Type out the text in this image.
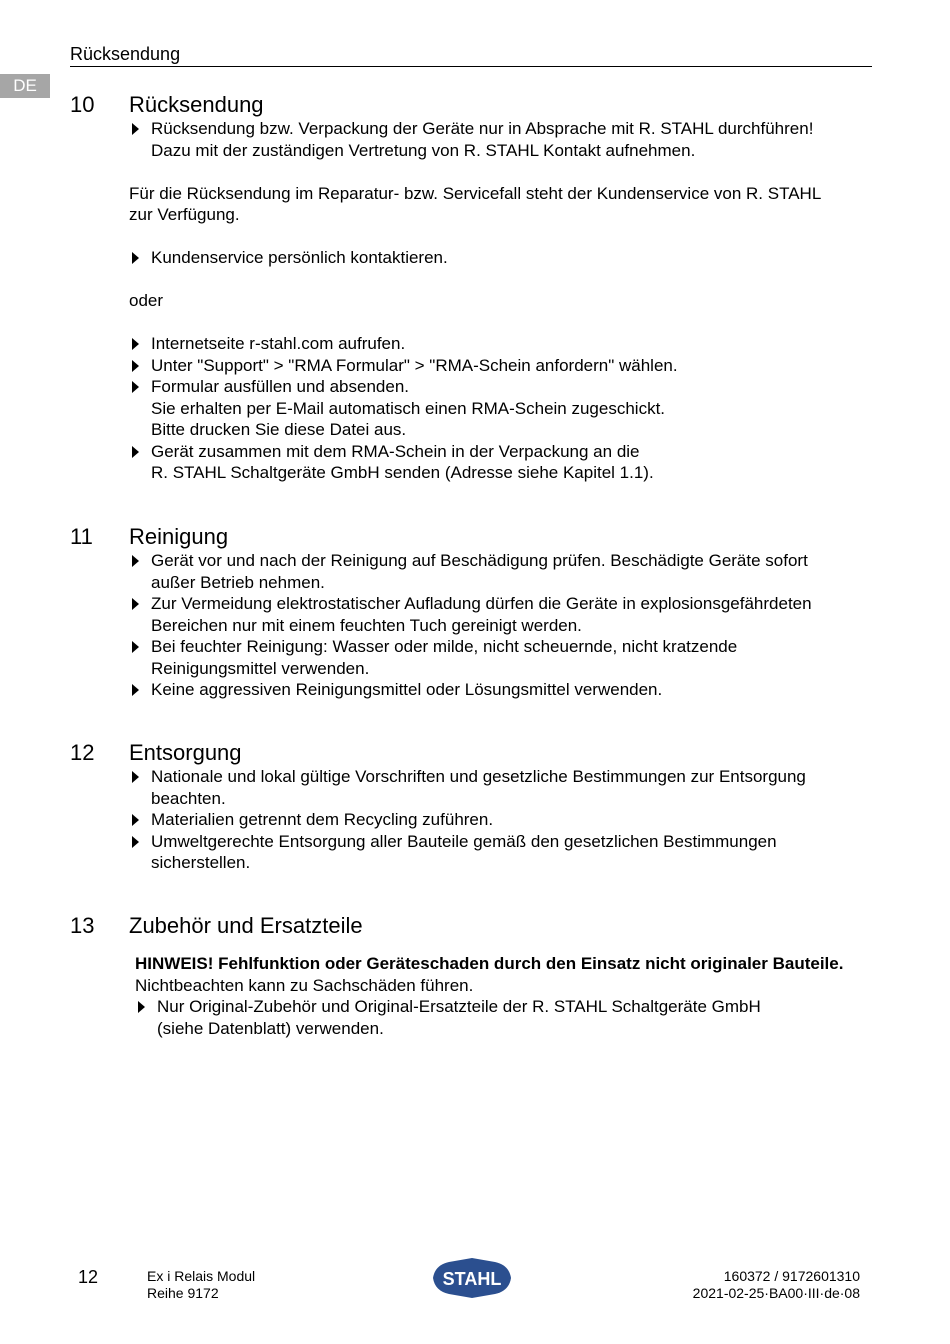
Rücksendung
DE
10 Rücksendung
Rücksendung bzw. Verpackung der Geräte nur in Absprache mit R. STAHL durchführen!
Dazu mit der zuständigen Vertretung von R. STAHL Kontakt aufnehmen.
Für die Rücksendung im Reparatur- bzw. Servicefall steht der Kundenservice von R. STAHL
zur Verfügung.
Kundenservice persönlich kontaktieren.
oder
Internetseite r-stahl.com aufrufen.
Unter "Support" > "RMA Formular" > "RMA-Schein anfordern" wählen.
Formular ausfüllen und absenden.
Sie erhalten per E-Mail automatisch einen RMA-Schein zugeschickt.
Bitte drucken Sie diese Datei aus.
Gerät zusammen mit dem RMA-Schein in der Verpackung an die
R. STAHL Schaltgeräte GmbH senden (Adresse siehe Kapitel 1.1).
11 Reinigung
Gerät vor und nach der Reinigung auf Beschädigung prüfen. Beschädigte Geräte sofort
außer Betrieb nehmen.
Zur Vermeidung elektrostatischer Aufladung dürfen die Geräte in explosionsgefährdeten
Bereichen nur mit einem feuchten Tuch gereinigt werden.
Bei feuchter Reinigung: Wasser oder milde, nicht scheuernde, nicht kratzende
Reinigungsmittel verwenden.
Keine aggressiven Reinigungsmittel oder Lösungsmittel verwenden.
12 Entsorgung
Nationale und lokal gültige Vorschriften und gesetzliche Bestimmungen zur Entsorgung
beachten.
Materialien getrennt dem Recycling zuführen.
Umweltgerechte Entsorgung aller Bauteile gemäß den gesetzlichen Bestimmungen
sicherstellen.
13 Zubehör und Ersatzteile
HINWEIS! Fehlfunktion oder Geräteschaden durch den Einsatz nicht originaler Bauteile.
Nichtbeachten kann zu Sachschäden führen.
Nur Original-Zubehör und Original-Ersatzteile der R. STAHL Schaltgeräte GmbH
(siehe Datenblatt) verwenden.
12	Ex i Relais Modul
Reihe 9172
STAHL	160372 / 9172601310
2021-02-25·BA00·III·de·08
